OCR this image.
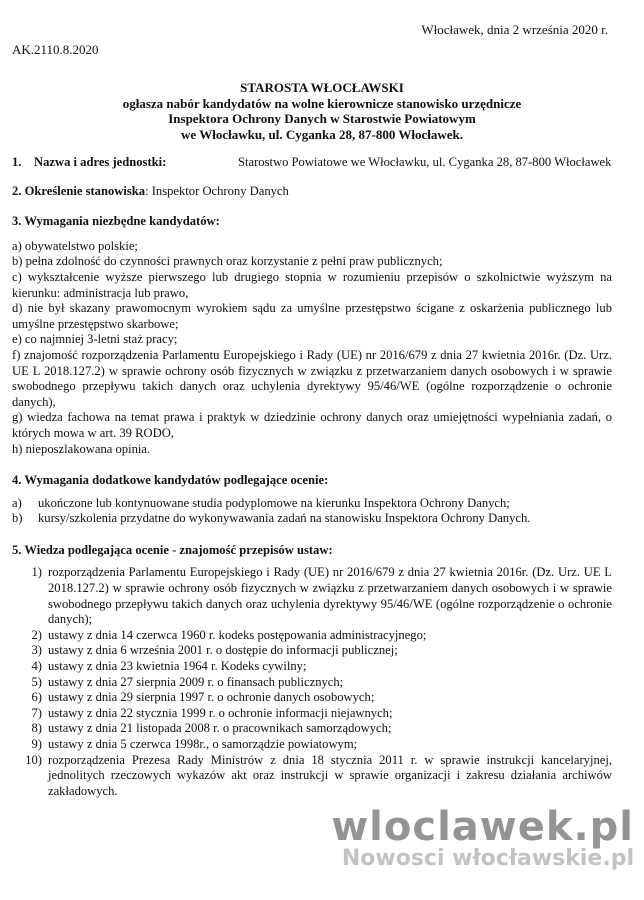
Włocławek, dnia 2 września 2020 r.
AK.2110.8.2020
STAROSTA WŁOCŁAWSKI
ogłasza nabór kandydatów na wolne kierownicze stanowisko urzędnicze
Inspektora Ochrony Danych w Starostwie Powiatowym
we Włocławku, ul. Cyganka 28, 87-800 Włocławek.
1. Nazwa i adres jednostki:	Starostwo Powiatowe we Włocławku, ul. Cyganka 28, 87-800 Włocławek
2. Określenie stanowiska: Inspektor Ochrony Danych
3. Wymagania niezbędne kandydatów:
a) obywatelstwo polskie;
b) pełna zdolność do czynności prawnych oraz korzystanie z pełni praw publicznych;
c) wykształcenie wyższe pierwszego lub drugiego stopnia w rozumieniu przepisów o szkolnictwie wyższym na kierunku: administracja lub prawo,
d) nie był skazany prawomocnym wyrokiem sądu za umyślne przestępstwo ścigane z oskarżenia publicznego lub umyślne przestępstwo skarbowe;
e) co najmniej 3-letni staż pracy;
f) znajomość rozporządzenia Parlamentu Europejskiego i Rady (UE) nr 2016/679 z dnia 27 kwietnia 2016r. (Dz. Urz. UE L 2018.127.2) w sprawie ochrony osób fizycznych w związku z przetwarzaniem danych osobowych i w sprawie swobodnego przepływu takich danych oraz uchylenia dyrektywy 95/46/WE (ogólne rozporządzenie o ochronie danych),
g) wiedza fachowa na temat prawa i praktyk w dziedzinie ochrony danych oraz umiejętności wypełniania zadań, o których mowa w art. 39 RODO,
h) nieposzlakowana opinia.
4. Wymagania dodatkowe kandydatów podlegające ocenie:
a)	ukończone lub kontynuowane studia podyplomowe na kierunku Inspektora Ochrony Danych;
b)	kursy/szkolenia przydatne do wykonywawania zadań na stanowisku Inspektora Ochrony Danych.
5. Wiedza podlegająca ocenie - znajomość przepisów ustaw:
1) rozporządzenia Parlamentu Europejskiego i Rady (UE) nr 2016/679 z dnia 27 kwietnia 2016r. (Dz. Urz. UE L 2018.127.2) w sprawie ochrony osób fizycznych w związku z przetwarzaniem danych osobowych i w sprawie swobodnego przepływu takich danych oraz uchylenia dyrektywy 95/46/WE (ogólne rozporządzenie o ochronie danych);
2) ustawy z dnia 14 czerwca 1960 r. kodeks postępowania administracyjnego;
3) ustawy z dnia 6 września 2001 r. o dostępie do informacji publicznej;
4) ustawy z dnia 23 kwietnia 1964 r. Kodeks cywilny;
5) ustawy z dnia 27 sierpnia 2009 r. o finansach publicznych;
6) ustawy z dnia 29 sierpnia 1997 r. o ochronie danych osobowych;
7) ustawy z dnia 22 stycznia 1999 r. o ochronie informacji niejawnych;
8) ustawy z dnia 21 listopada 2008 r. o pracownikach samorządowych;
9) ustawy z dnia 5 czerwca 1998r., o samorządzie powiatowym;
10) rozporządzenia Prezesa Rady Ministrów z dnia 18 stycznia 2011 r. w sprawie instrukcji kancelaryjnej, jednolitych rzeczowych wykazów akt oraz instrukcji w sprawie organizacji i zakresu działania archiwów zakładowych.
wloclawek.pl
Nowosci włocławskie.pl
